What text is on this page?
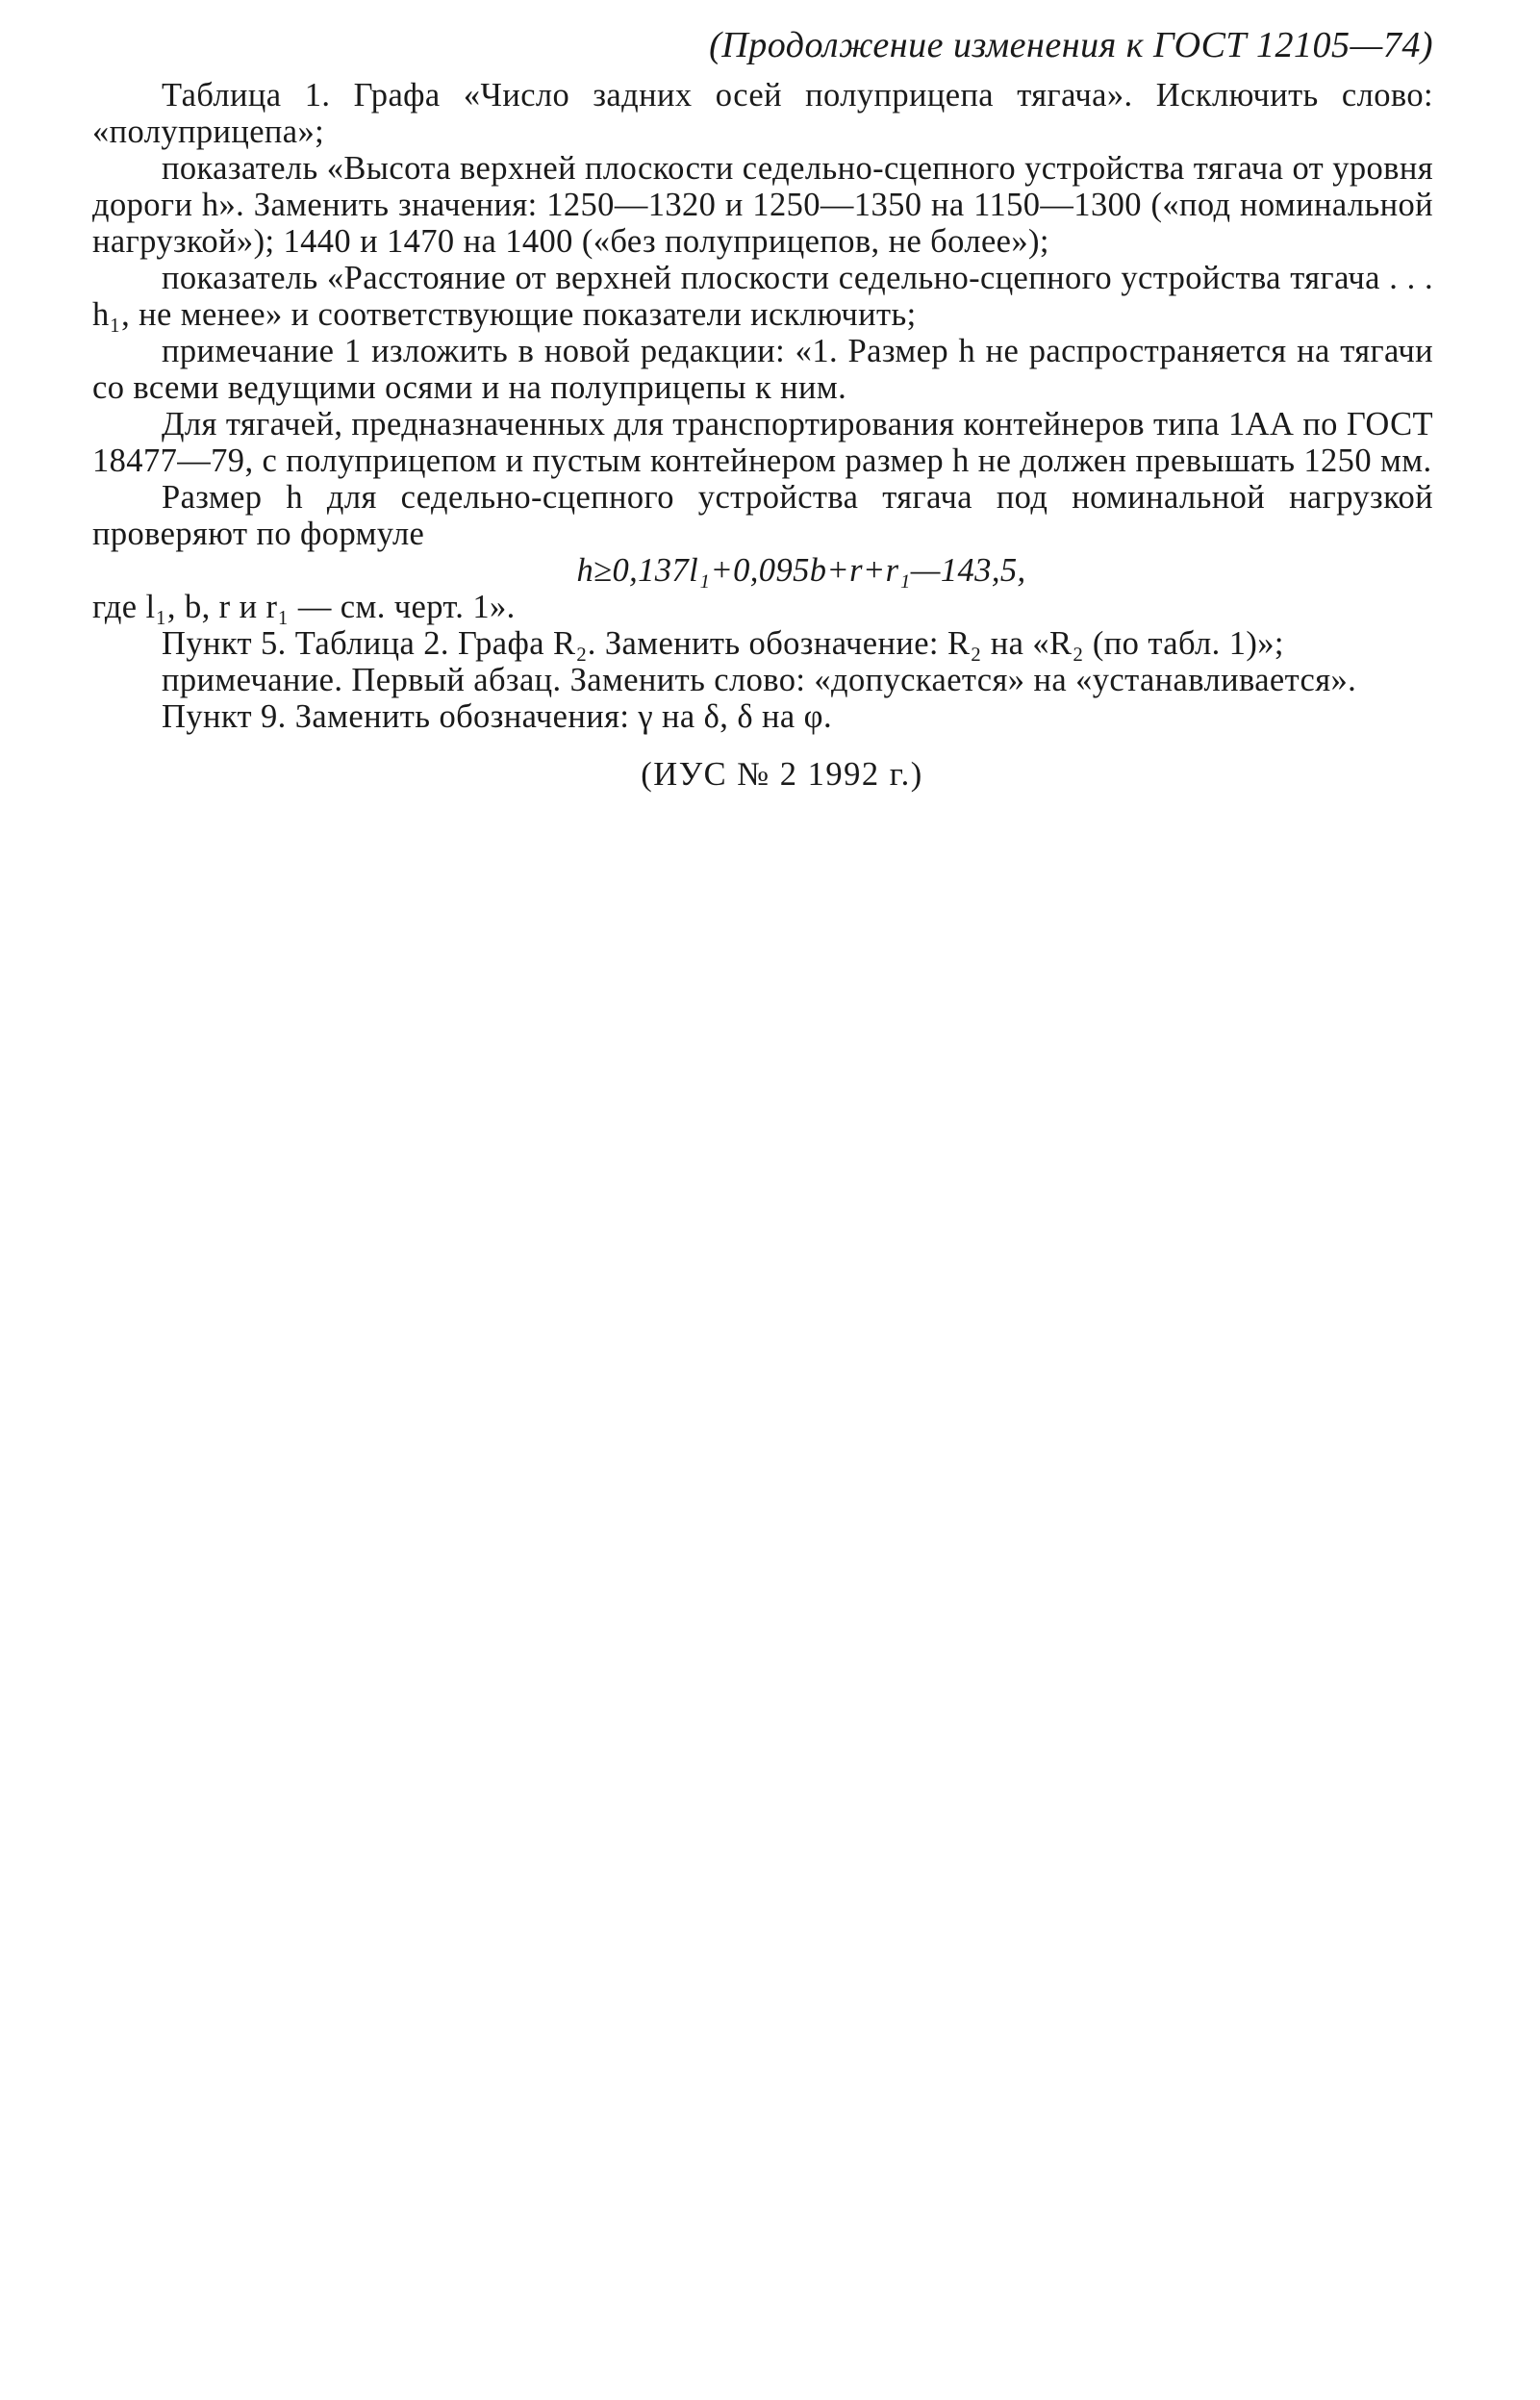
(Продолжение изменения к ГОСТ 12105—74)

Таблица 1. Графа «Число задних осей полуприцепа тягача». Исключить слово: «полуприцепа»;

показатель «Высота верхней плоскости седельно-сцепного устройства тягача от уровня дороги h». Заменить значения: 1250—1320 и 1250—1350 на 1150—1300 («под номинальной нагрузкой»); 1440 и 1470 на 1400 («без полуприцепов, не более»);

показатель «Расстояние от верхней плоскости седельно-сцепного устройства тягача . . . h₁, не менее» и соответствующие показатели исключить;

примечание 1 изложить в новой редакции: «1. Размер h не распространяется на тягачи со всеми ведущими осями и на полуприцепы к ним.

Для тягачей, предназначенных для транспортирования контейнеров типа 1АА по ГОСТ 18477—79, с полуприцепом и пустым контейнером размер h не должен превышать 1250 мм.

Размер h для седельно-сцепного устройства тягача под номинальной нагрузкой проверяют по формуле

h≥0,137l₁+0,095b+r+r₁—143,5,

где l₁, b, r и r₁ — см. черт. 1».

Пункт 5. Таблица 2. Графа R₂. Заменить обозначение: R₂ на «R₂ (по табл. 1)»;

примечание. Первый абзац. Заменить слово: «допускается» на «устанавливается».

Пункт 9. Заменить обозначения: γ на δ, δ на φ.

(ИУС № 2 1992 г.)
